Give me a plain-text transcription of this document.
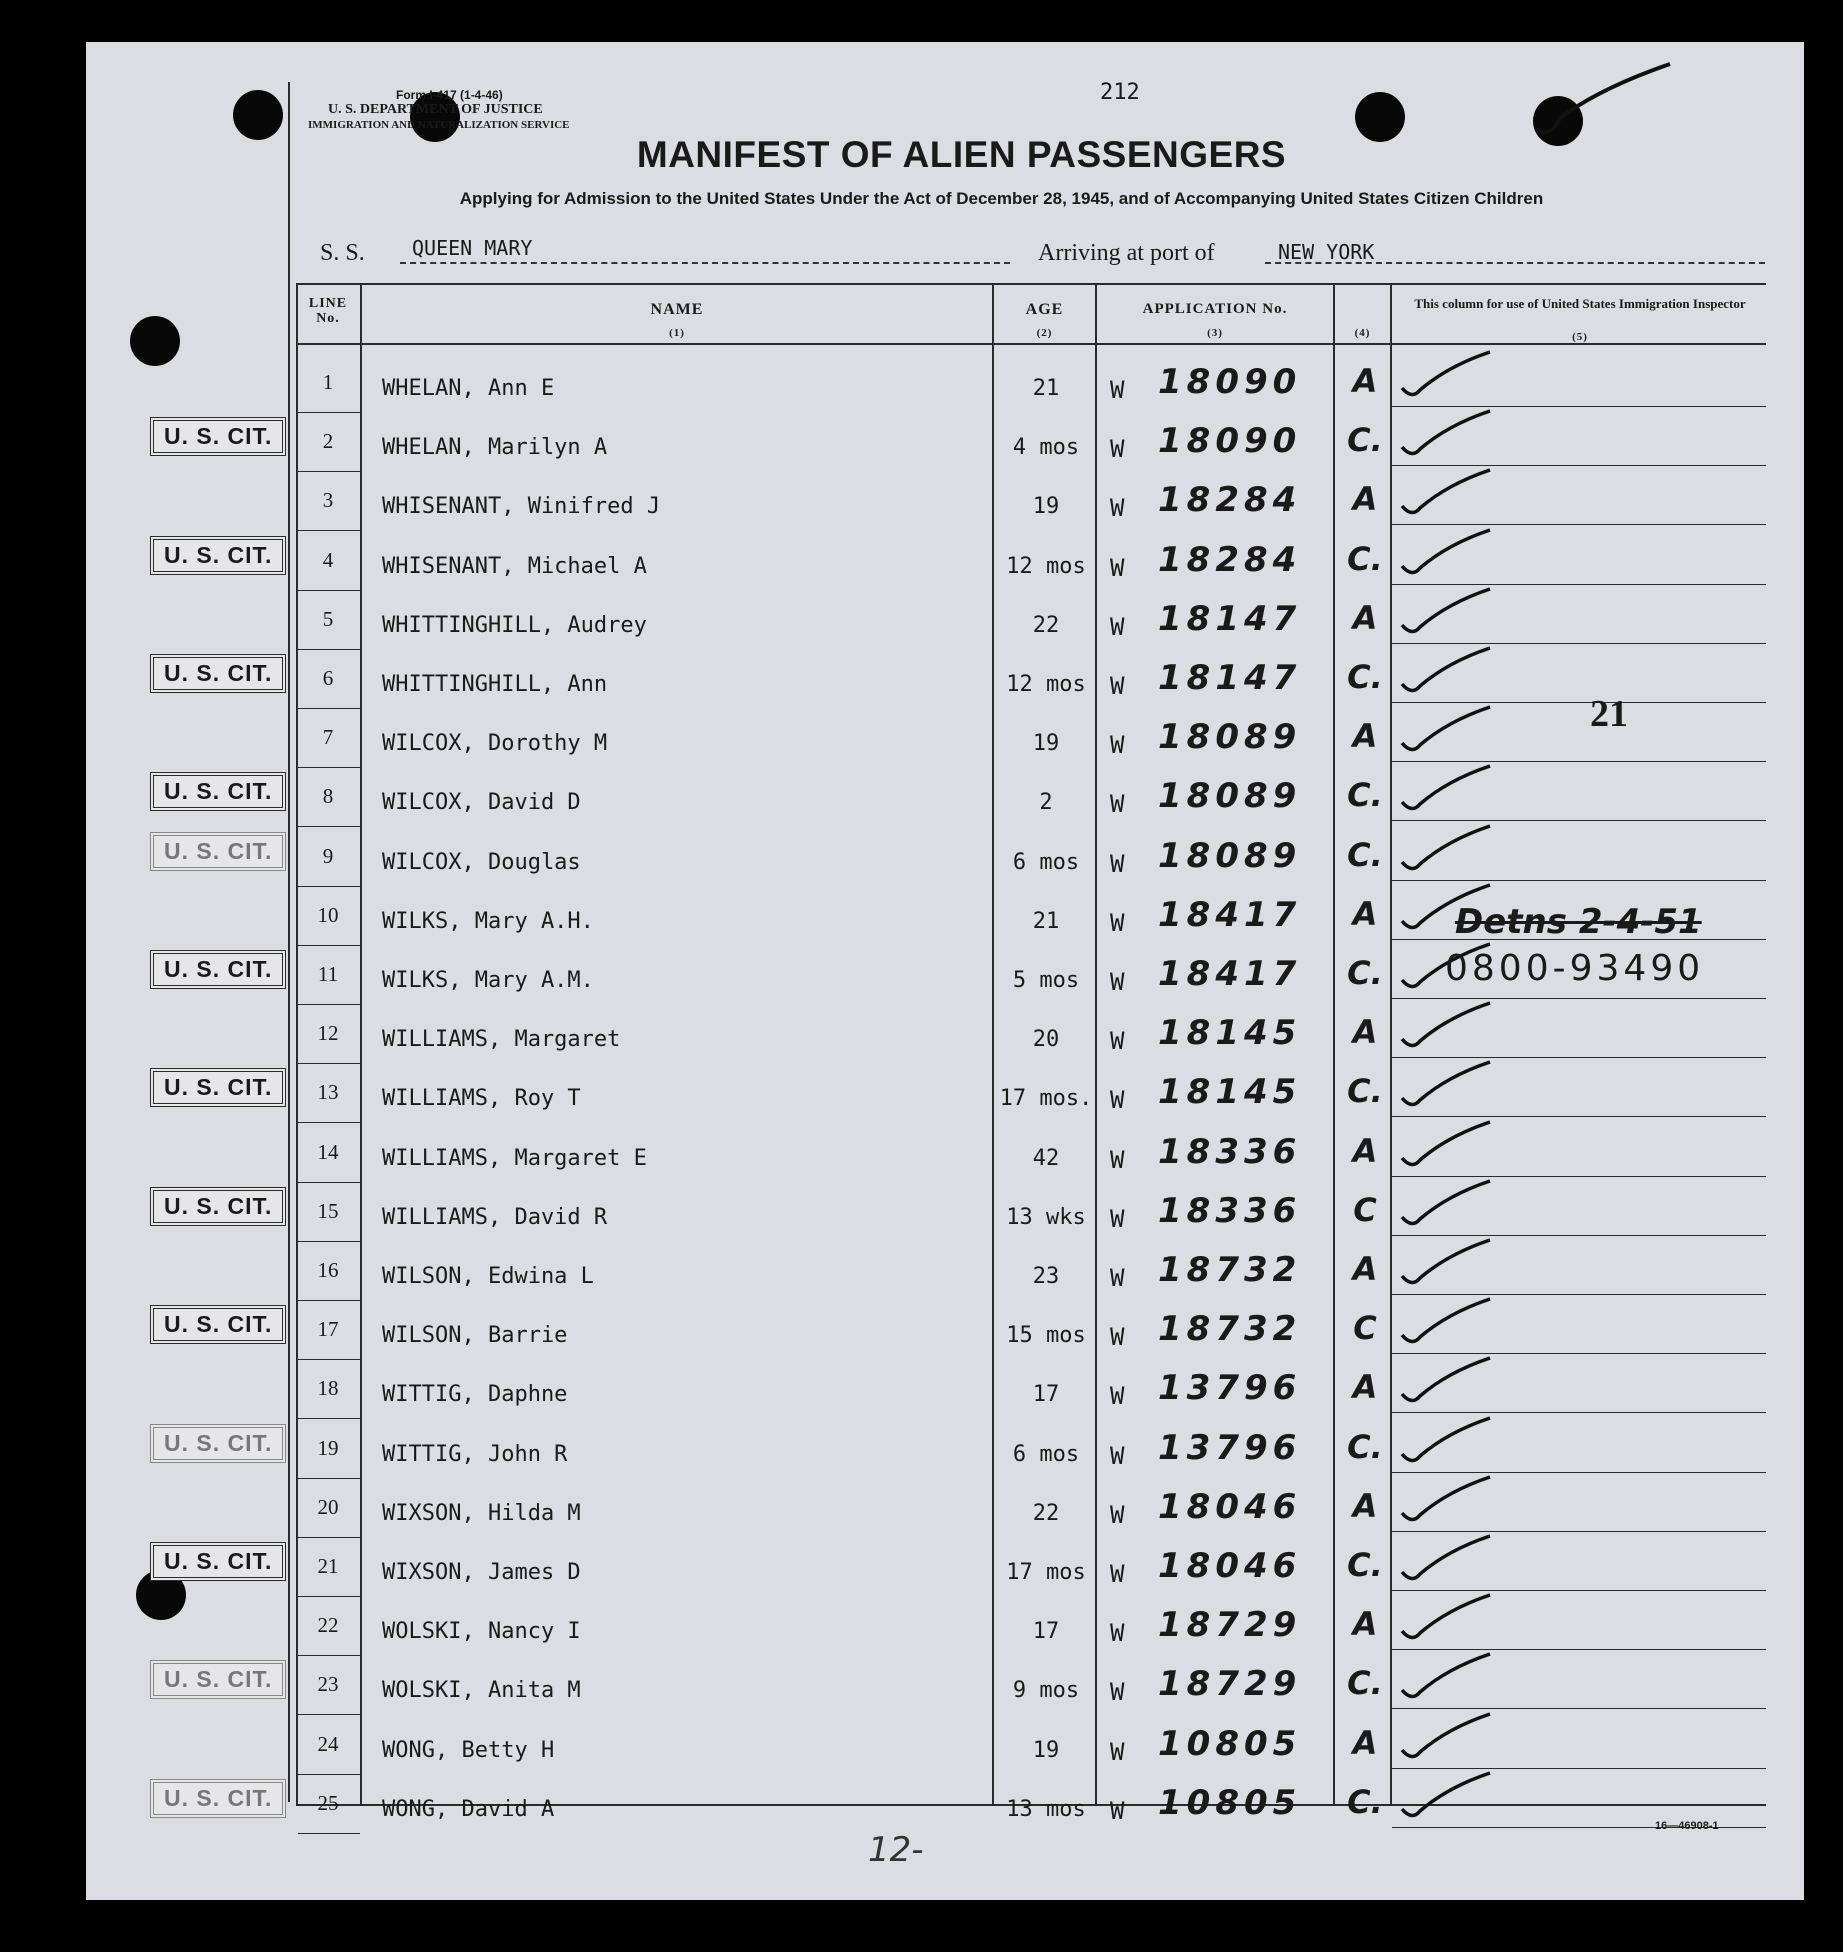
Form I-417 (1-4-46)
U. S. DEPARTMENT OF JUSTICE
IMMIGRATION AND NATURALIZATION SERVICE
212
MANIFEST OF ALIEN PASSENGERS
Applying for Admission to the United States Under the Act of December 28, 1945, and of Accompanying United States Citizen Children
S. S. QUEEN MARY	Arriving at port of	NEW YORK
LINE No.
NAME
(1)
AGE
(2)
APPLICATION No.
(3)	(4)
This column for use of United States Immigration Inspector
(5)
1	WHELAN, Ann E	21	W 18090 A
2	WHELAN, Marilyn A	4 mos	W 18090 C.
U. S. CIT.
3	WHISENANT, Winifred J	19	W 18284 A
4	WHISENANT, Michael A	12 mos	W 18284 C.
U. S. CIT.
5	WHITTINGHILL, Audrey	22	W 18147 A
6	WHITTINGHILL, Ann	12 mos	W 18147 C.
U. S. CIT.
7	WILCOX, Dorothy M	19	W 18089 A
8	WILCOX, David D	2	W 18089 C.
U. S. CIT.
9	WILCOX, Douglas	6 mos	W 18089 C.
U. S. CIT.
10	WILKS, Mary A.H.	21	W 18417 A
11	WILKS, Mary A.M.	5 mos	W 18417 C.
U. S. CIT.
12	WILLIAMS, Margaret	20	W 18145 A
13	WILLIAMS, Roy T	17 mos. W 18145 C.
U. S. CIT.
14	WILLIAMS, Margaret E	42	W 18336 A
15	WILLIAMS, David R	13 wks	W 18336 C
U. S. CIT.
16	WILSON, Edwina L	23	W 18732 A
17	WILSON, Barrie	15 mos	W 18732 C
U. S. CIT.
18	WITTIG, Daphne	17	W 13796 A
19	WITTIG, John R	6 mos	W 13796 C.
U. S. CIT.
20	WIXSON, Hilda M	22	W 18046 A
21	WIXSON, James D	17 mos	W 18046 C.
U. S. CIT.
22	WOLSKI, Nancy I	17	W 18729 A
23	WOLSKI, Anita M	9 mos	W 18729 C.
U. S. CIT.
24	WONG, Betty H	19	W 10805 A
25	WONG, David A	13 mos	W 10805 C.
U. S. CIT.
21
Detns 2-4-51
0800-93490
12-
16—46908-1
